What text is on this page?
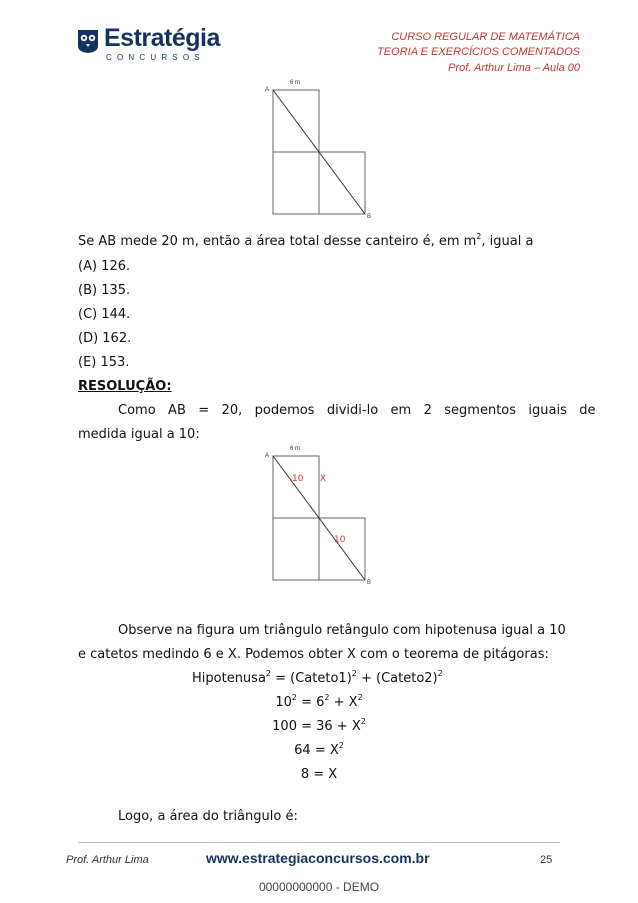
Estratégia
CONCURSOS
CURSO REGULAR DE MATEMÁTICA
TEORIA E EXERCÍCIOS COMENTADOS
Prof. Arthur Lima – Aula 00
6 m
A
B
Se AB mede 20 m, então a área total desse canteiro é, em $m^2$, igual a
(A) 126.
(B) 135.
(C) 144.
(D) 162.
(E) 153.
RESOLUÇÃO:
Como   AB   =   20,   podemos   dividi-lo   em   2   segmentos   iguais   de
medida igual a 10:
6 m
A
B
10 X
10
Observe na figura um triângulo retângulo com hipotenusa igual a 10
e catetos medindo 6 e X. Podemos obter X com o teorema de pitágoras:
Hipotenusa$^2$ = (Cateto1)$^2$ + (Cateto2)$^2$
$10^2 = 6^2 + X^2$
$100 = 36 + X^2$
$64 = X^2$
8 = X
Logo, a área do triângulo é:
Prof. Arthur Lima	www.estrategiaconcursos.com.br	25
00000000000 - DEMO
